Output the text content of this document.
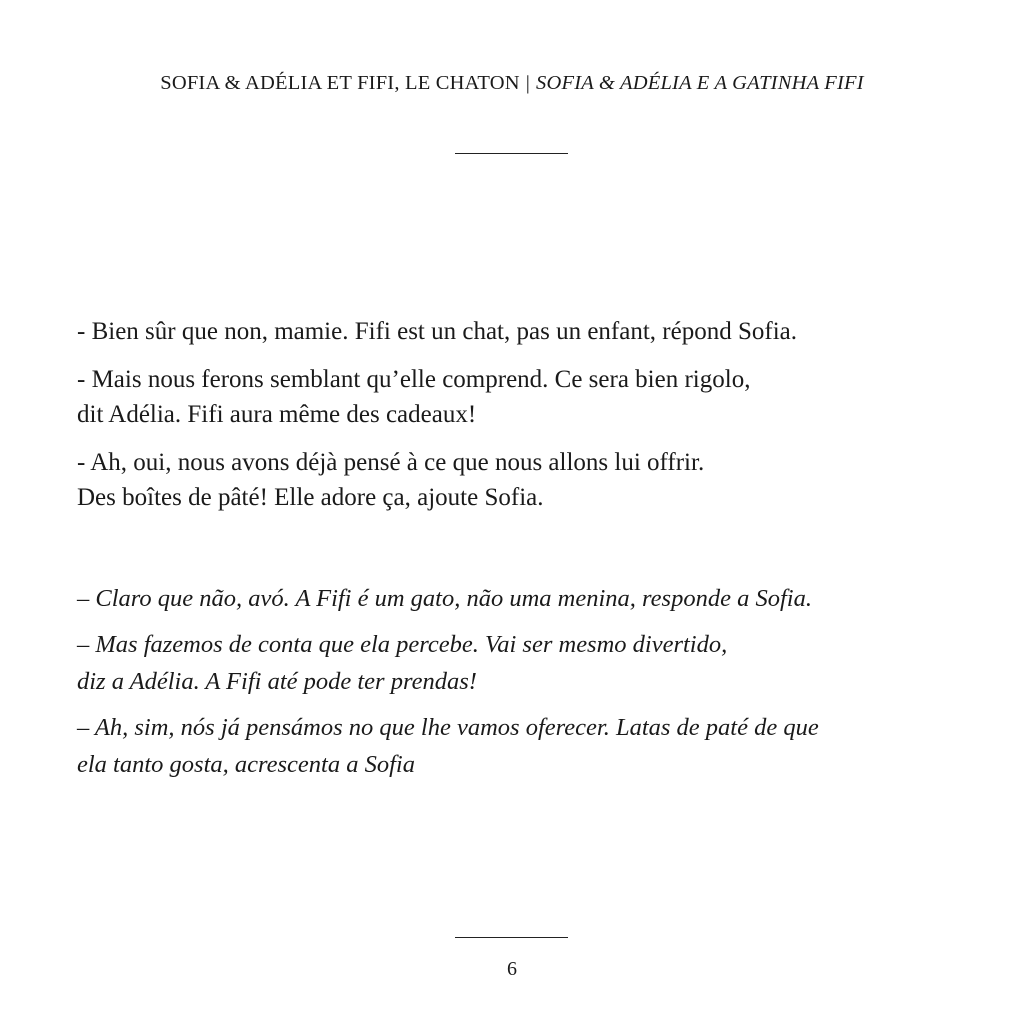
SOFIA & ADÉLIA ET FIFI, LE CHATON | SOFIA & ADÉLIA E A GATINHA FIFI

- Bien sûr que non, mamie. Fifi est un chat, pas un enfant, répond Sofia.

- Mais nous ferons semblant qu’elle comprend. Ce sera bien rigolo,
dit Adélia. Fifi aura même des cadeaux!

- Ah, oui, nous avons déjà pensé à ce que nous allons lui offrir.
Des boîtes de pâté! Elle adore ça, ajoute Sofia.

– Claro que não, avó. A Fifi é um gato, não uma menina, responde a Sofia.

– Mas fazemos de conta que ela percebe. Vai ser mesmo divertido,
diz a Adélia. A Fifi até pode ter prendas!

– Ah, sim, nós já pensámos no que lhe vamos oferecer. Latas de paté de que
ela tanto gosta, acrescenta a Sofia

6
